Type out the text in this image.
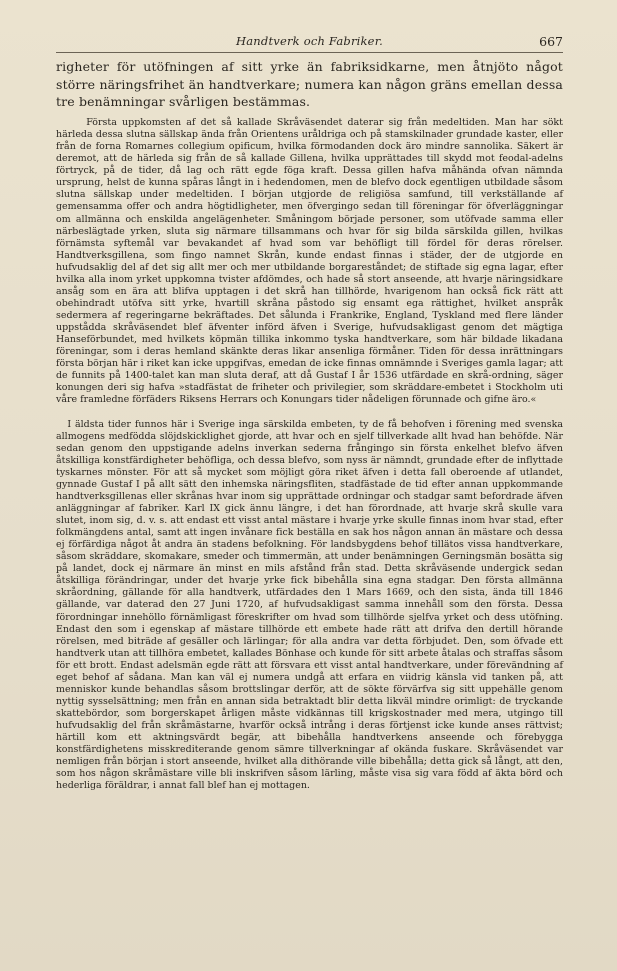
Handtverk och Fabriker.	667

righeter för utöfningen af sitt yrke än fabriksidkarne, men åtnjöto något större näringsfrihet än handtverkare; numera kan någon gräns emellan dessa tre benämningar svårligen bestämmas.

Första uppkomsten af det så kallade Skråväsendet daterar sig från medeltiden. Man har sökt härleda dessa slutna sällskap ända från Orientens uråldriga och på stamskilnader grundade kaster, eller från de forna Romarnes collegium opificum, hvilka förmodanden dock äro mindre sannolika. Säkert är deremot, att de härleda sig från de så kallade Gillena, hvilka upprättades till skydd mot feodal-adelns förtryck, på de tider, då lag och rätt egde föga kraft. Dessa gillen hafva måhända ofvan nämnda ursprung, helst de kunna spåras långt in i hedendomen, men de blefvo dock egentligen utbildade såsom slutna sällskap under medeltiden. I början utgjorde de religiösa samfund, till verkställande af gemensamma offer och andra högtidligheter, men öfvergingo sedan till föreningar för öfverläggningar om allmänna och enskilda angelägenheter. Småningom började personer, som utöfvade samma eller närbeslägtade yrken, sluta sig närmare tillsammans och hvar för sig bilda särskilda gillen, hvilkas förnämsta syftemål var bevakandet af hvad som var behöfligt till fördel för deras rörelser. Handtverksgillena, som fingo namnet Skrån, kunde endast finnas i städer, der de utgjorde en hufvudsaklig del af det sig allt mer och mer utbildande borgareståndet; de stiftade sig egna lagar, efter hvilka alla inom yrket uppkomna tvister afdömdes, och hade så stort anseende, att hvarje näringsidkare ansåg som en ära att blifva upptagen i det skrå han tillhörde, hvarigenom han också fick rätt att obehindradt utöfva sitt yrke, hvartill skråna påstodo sig ensamt ega rättighet, hvilket anspråk sedermera af regeringarne bekräftades. Det sålunda i Frankrike, England, Tyskland med flere länder uppstådda skråväsendet blef äfventer införd äfven i Sverige, hufvudsakligast genom det mägtiga Hanseförbundet, med hvilkets köpmän tillika inkommo tyska handtverkare, som här bildade likadana föreningar, som i deras hemland skänkte deras likar ansenliga förmåner. Tiden för dessa inrättningars första början här i riket kan icke uppgifvas, emedan de icke finnas omnämnde i Sveriges gamla lagar; att de funnits på 1400-talet kan man sluta deraf, att då Gustaf I år 1536 utfärdade en skrå-ordning, säger konungen deri sig hafva »stadfästat de friheter och privilegier, som skräddare-embetet i Stockholm uti våre framledne förfäders Riksens Herrars och Konungars tider nådeligen förunnade och gifne äro.«

I äldsta tider funnos här i Sverige inga särskilda embeten, ty de få behofven i förening med svenska allmogens medfödda slöjdskicklighet gjorde, att hvar och en sjelf tillverkade allt hvad han behöfde. När sedan genom den uppstigande adelns inverkan sederna frångingo sin första enkelhet blefvo äfven åtskilliga konstfärdigheter behöfliga, och dessa blefvo, som nyss är nämndt, grundade efter de inflyttade tyskarnes mönster. För att så mycket som möjligt göra riket äfven i detta fall oberoende af utlandet, gynnade Gustaf I på allt sätt den inhemska näringsfliten, stadfästade de tid efter annan uppkommande handtverksgillenas eller skrånas hvar inom sig upprättade ordningar och stadgar samt befordrade äfven anläggningar af fabriker. Karl IX gick ännu längre, i det han förordnade, att hvarje skrå skulle vara slutet, inom sig, d. v. s. att endast ett visst antal mästare i hvarje yrke skulle finnas inom hvar stad, efter folkmängdens antal, samt att ingen invånare fick beställa en sak hos någon annan än mästare och dessa ej förfärdiga något åt andra än stadens befolkning. För landsbygdens behof tillätos vissa handtverkare, såsom skräddare, skomakare, smeder och timmermän, att under benämningen Gerningsmän bosätta sig på landet, dock ej närmare än minst en mils afstånd från stad. Detta skråväsende undergick sedan åtskilliga förändringar, under det hvarje yrke fick bibehålla sina egna stadgar. Den första allmänna skråordning, gällande för alla handtverk, utfärdades den 1 Mars 1669, och den sista, ända till 1846 gällande, var daterad den 27 Juni 1720, af hufvudsakligast samma innehåll som den första. Dessa förordningar innehöllo förnämligast föreskrifter om hvad som tillhörde sjelfva yrket och dess utöfning. Endast den som i egenskap af mästare tillhörde ett embete hade rätt att drifva den dertill hörande rörelsen, med biträde af gesäller och lärlingar; för alla andra var detta förbjudet. Den, som öfvade ett handtverk utan att tillhöra embetet, kallades Bönhase och kunde för sitt arbete åtalas och straffas såsom för ett brott. Endast adelsmän egde rätt att försvara ett visst antal handtverkare, under förevändning af eget behof af sådana. Man kan väl ej numera undgå att erfara en viidrig känsla vid tanken på, att menniskor kunde behandlas såsom brottslingar derför, att de sökte förvärfva sig sitt uppehälle genom nyttig sysselsättning; men från en annan sida betraktadt blir detta likväl mindre orimligt: de tryckande skattebördor, som borgerskapet årligen måste vidkännas till krigskostnader med mera, utgingo till hufvudsaklig del från skråmästarne, hvarför också intrång i deras förtjenst icke kunde anses rättvist; härtill kom ett aktningsvärdt begär, att bibehålla handtverkens anseende och förebygga konstfärdighetens misskrediterande genom sämre tillverkningar af okända fuskare. Skråväsendet var nemligen från början i stort anseende, hvilket alla dithörande ville bibehålla; detta gick så långt, att den, som hos någon skråmästare ville bli inskrifven såsom lärling, måste visa sig vara född af äkta börd och hederliga föräldrar, i annat fall blef han ej mottagen.
